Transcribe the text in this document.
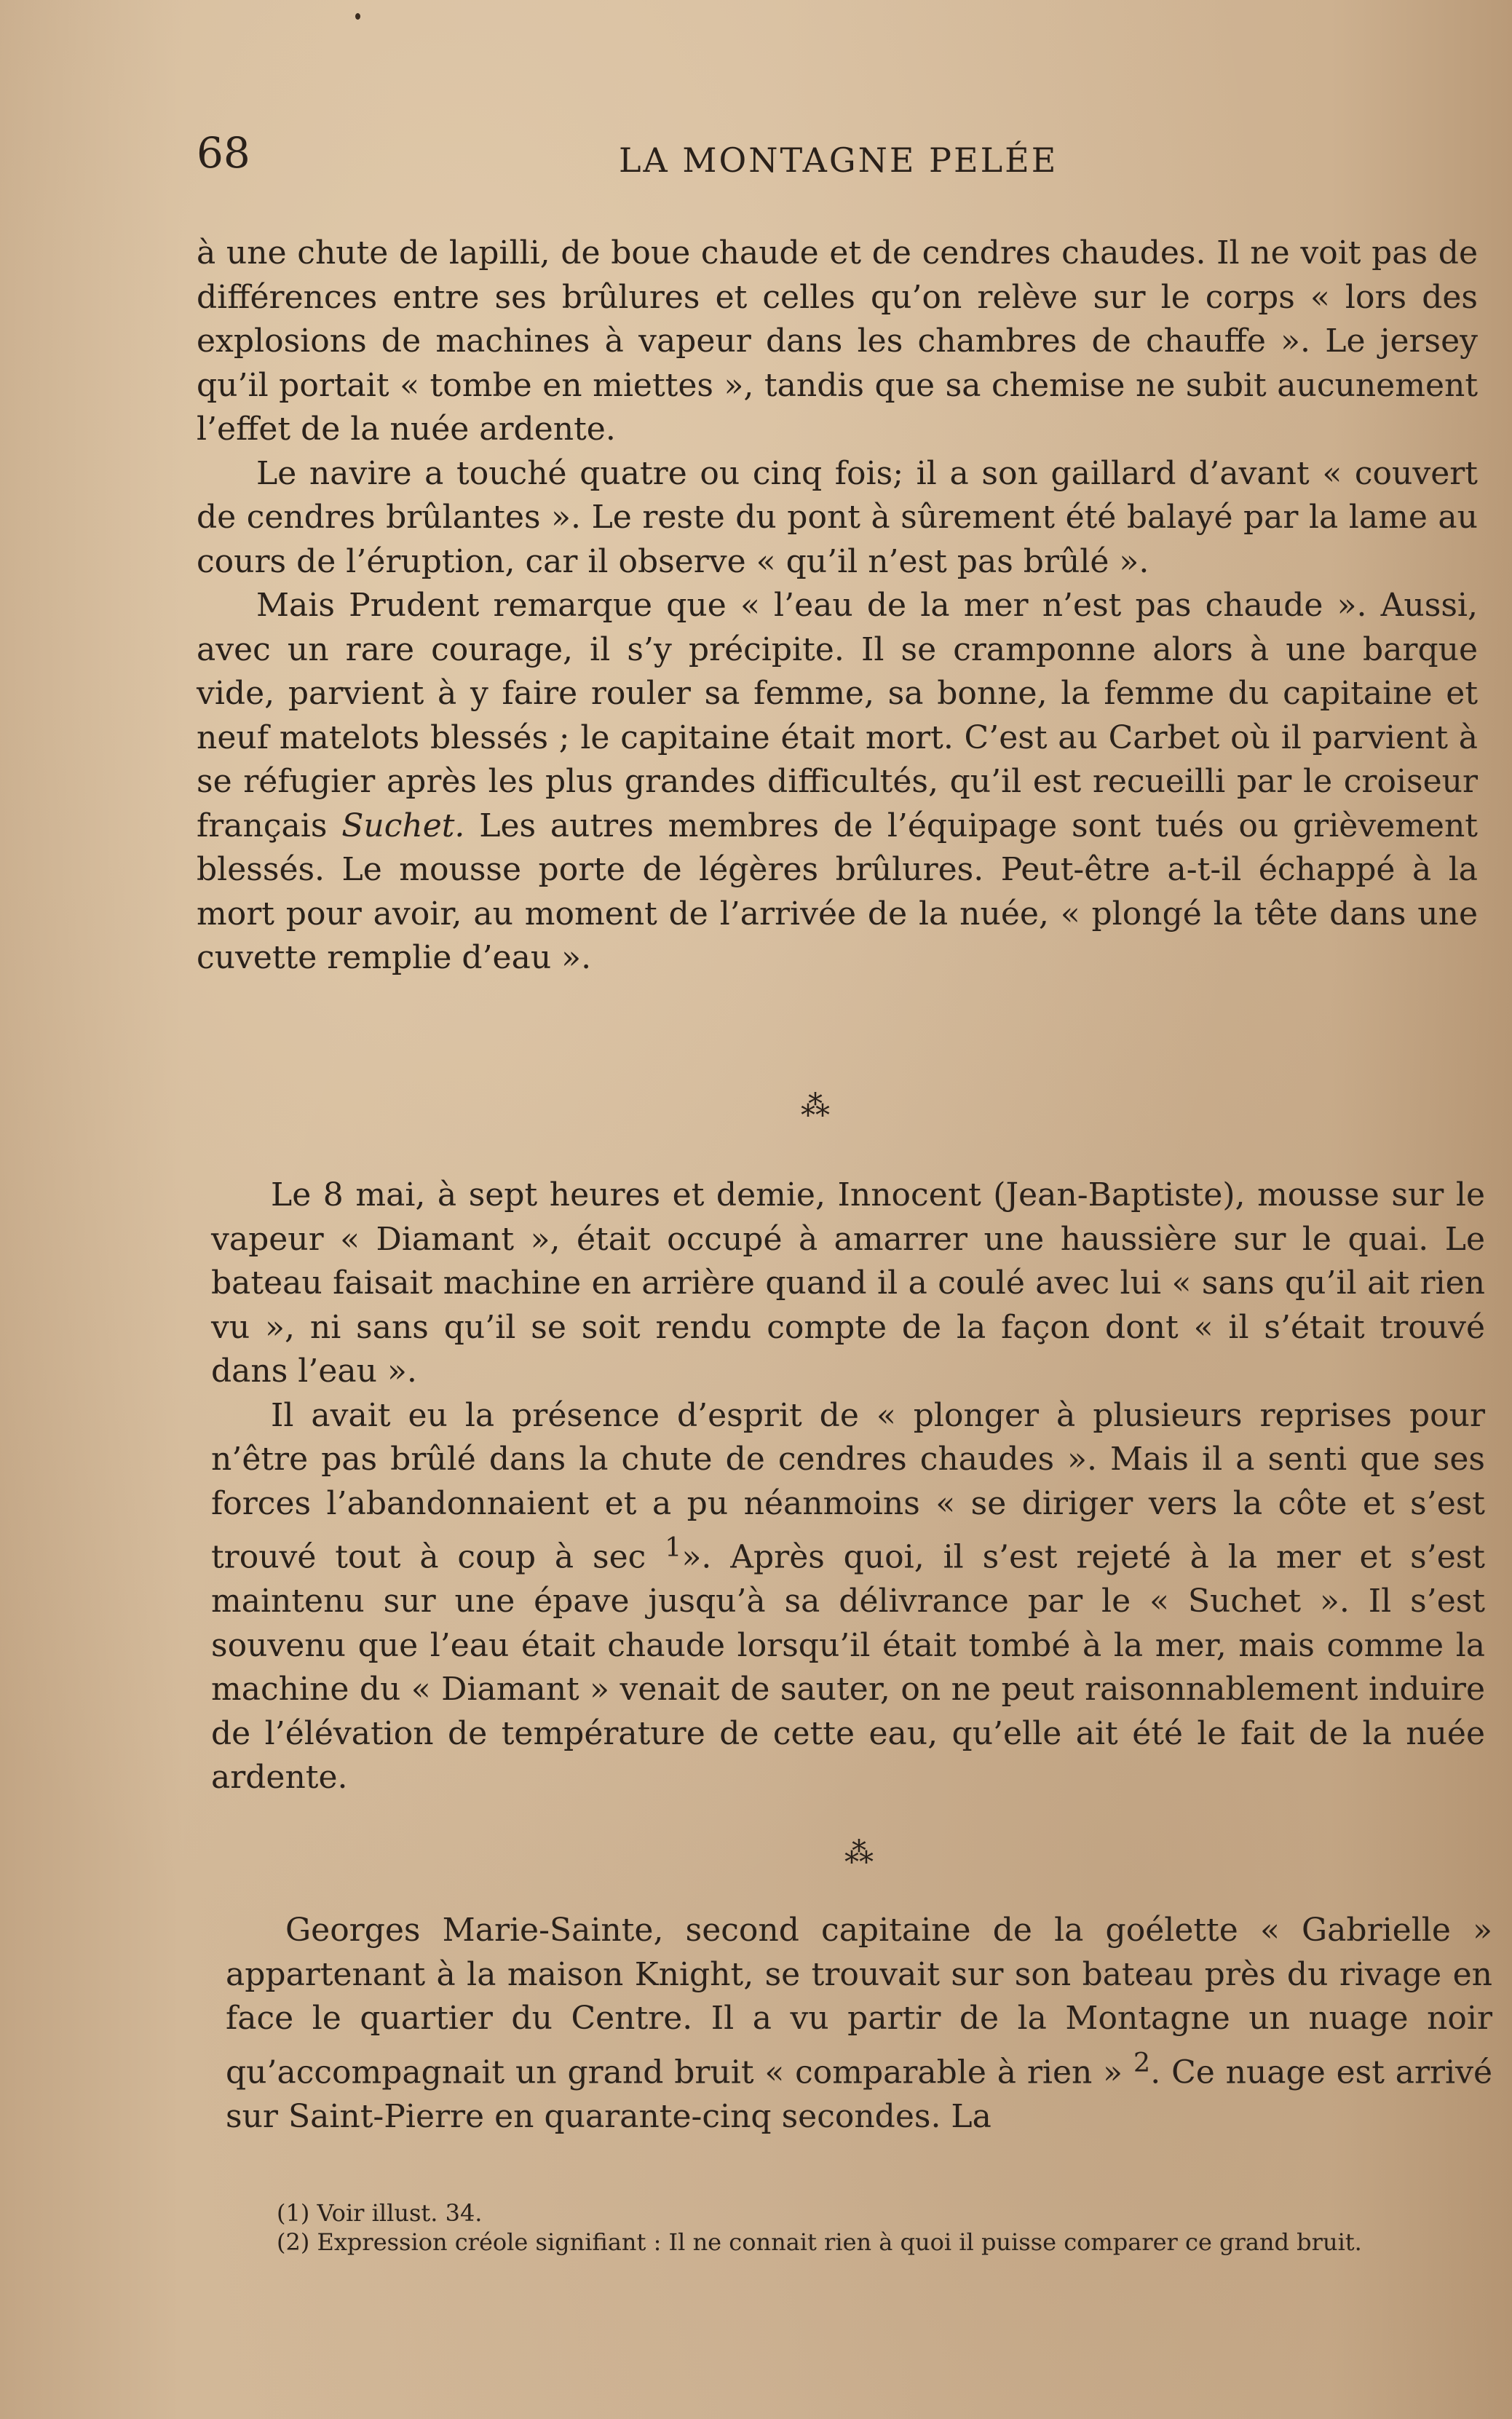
68	LA MONTAGNE PELÉE

à une chute de lapilli, de boue chaude et de cendres chaudes. Il ne voit pas de différences entre ses brûlures et celles qu’on relève sur le corps « lors des explosions de machines à vapeur dans les chambres de chauffe ». Le jersey qu’il portait « tombe en miettes », tandis que sa chemise ne subit aucunement l’effet de la nuée ardente.

Le navire a touché quatre ou cinq fois; il a son gaillard d’avant « couvert de cendres brûlantes ». Le reste du pont à sûrement été balayé par la lame au cours de l’éruption, car il observe « qu’il n’est pas brûlé ».

Mais Prudent remarque que « l’eau de la mer n’est pas chaude ». Aussi, avec un rare courage, il s’y précipite. Il se cramponne alors à une barque vide, parvient à y faire rouler sa femme, sa bonne, la femme du capitaine et neuf matelots blessés ; le capitaine était mort. C’est au Carbet où il parvient à se réfugier après les plus grandes difficultés, qu’il est recueilli par le croiseur français Suchet. Les autres membres de l’équipage sont tués ou grièvement blessés. Le mousse porte de légères brûlures. Peut-être a-t-il échappé à la mort pour avoir, au moment de l’arrivée de la nuée, « plongé la tête dans une cuvette remplie d’eau ».

⁂

Le 8 mai, à sept heures et demie, Innocent (Jean-Baptiste), mousse sur le vapeur « Diamant », était occupé à amarrer une haussière sur le quai. Le bateau faisait machine en arrière quand il a coulé avec lui « sans qu’il ait rien vu », ni sans qu’il se soit rendu compte de la façon dont « il s’était trouvé dans l’eau ».

Il avait eu la présence d’esprit de « plonger à plusieurs reprises pour n’être pas brûlé dans la chute de cendres chaudes ». Mais il a senti que ses forces l’abandonnaient et a pu néanmoins « se diriger vers la côte et s’est trouvé tout à coup à sec $^1$». Après quoi, il s’est rejeté à la mer et s’est maintenu sur une épave jusqu’à sa délivrance par le « Suchet ». Il s’est souvenu que l’eau était chaude lorsqu’il était tombé à la mer, mais comme la machine du « Diamant » venait de sauter, on ne peut raisonnablement induire de l’élévation de température de cette eau, qu’elle ait été le fait de la nuée ardente.

⁂

Georges Marie-Sainte, second capitaine de la goélette « Gabrielle » appartenant à la maison Knight, se trouvait sur son bateau près du rivage en face le quartier du Centre. Il a vu partir de la Montagne un nuage noir qu’accompagnait un grand bruit « comparable à rien » $^2$. Ce nuage est arrivé sur Saint-Pierre en quarante-cinq secondes. La

(1) Voir illust. 34.
(2) Expression créole signifiant : Il ne connait rien à quoi il puisse comparer ce grand bruit.
